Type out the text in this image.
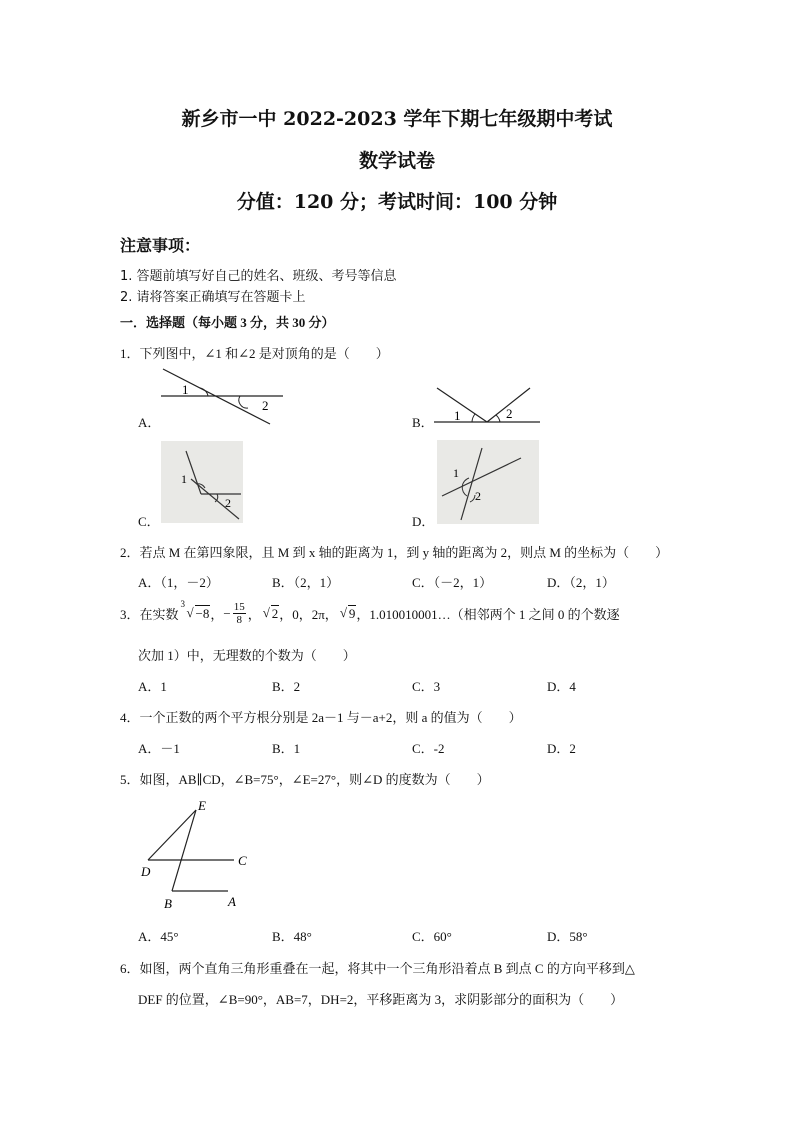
新乡市一中 2022-2023 学年下期七年级期中考试
数学试卷
分值：120 分；考试时间：100 分钟
注意事项：
1. 答题前填写好自己的姓名、班级、考号等信息
2. 请将答案正确填写在答题卡上
一．选择题（每小题 3 分，共 30 分）
1．下列图中，∠1 和∠2 是对顶角的是（　　）
A．
1
2
B． 1	2
C．
1
2
D．
1
2
2．若点 M 在第四象限，且 M 到 x 轴的距离为 1，到 y 轴的距离为 2，则点 M 的坐标为（　　）
A．（1，－2）	B．（2，1）	C．（－2，1）	D．（2，1）
3．在实数
3
√ −8 ， − $\frac{15}{8}$ ， √ 2 ，0，2π， √ 9 ，1.010010001…（相邻两个 1 之间 0 的个数逐
次加 1）中，无理数的个数为（　　）
A．1	B．2	C．3	D．4
4．一个正数的两个平方根分别是 2a－1 与－a+2，则 a 的值为（　　）
A．－1	B．1	C．-2	D．2
5．如图，AB∥CD，∠B=75°，∠E=27°，则∠D 的度数为（　　）
E
C
D
B	A
A．45°	B．48°	C．60°	D．58°
6．如图，两个直角三角形重叠在一起，将其中一个三角形沿着点 B 到点 C 的方向平移到△
DEF 的位置，∠B=90°，AB=7，DH=2，平移距离为 3，求阴影部分的面积为（　　）
